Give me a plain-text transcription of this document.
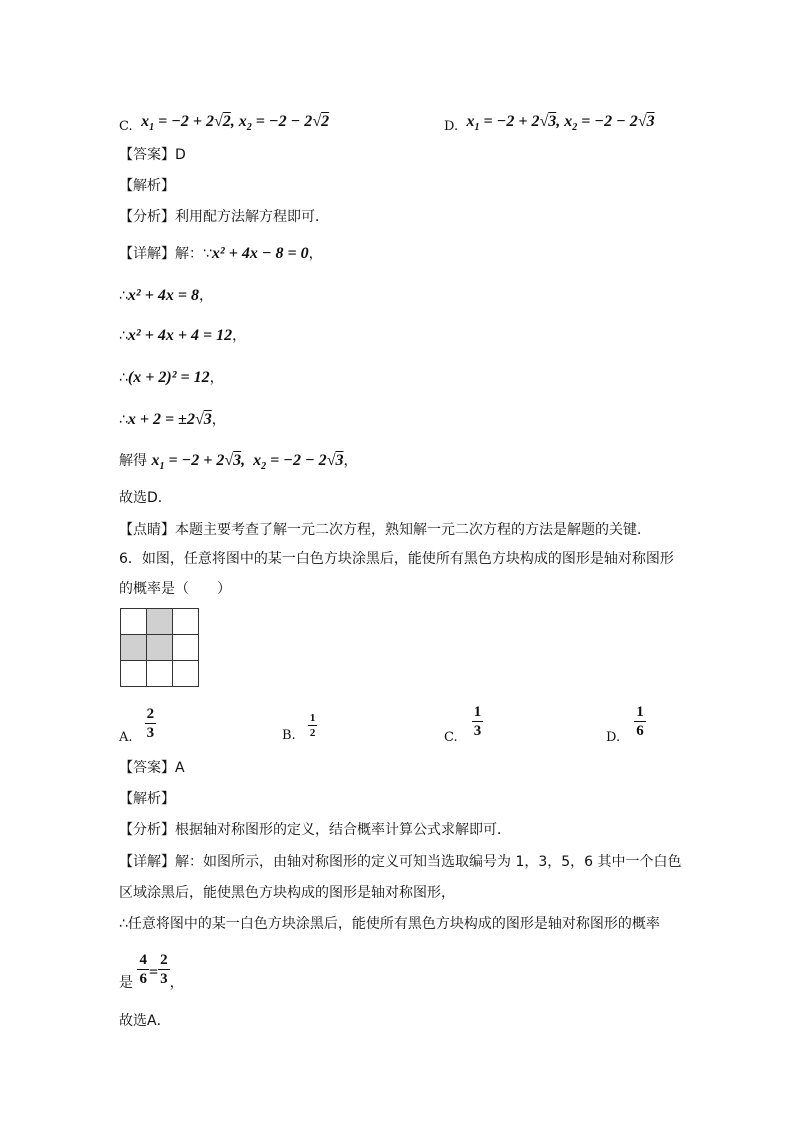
C.  $x_1 = -2 + 2√2$, $x_2 = -2 - 2√2$	D.  $x_1 = -2 + 2√3$, $x_2 = -2 - 2√3$
【答案】D
【解析】
【分析】利用配方法解方程即可．
【详解】解：∵x² + 4x − 8 = 0，
∴x² + 4x = 8，
∴x² + 4x + 4 = 12，
∴(x + 2)² = 12，
∴x + 2 = ±2√3，
解得 $x_1 = -2 + 2√3$,  $x_2 = -2 - 2√3$，
故选D．
【点睛】本题主要考查了解一元二次方程，熟知解一元二次方程的方法是解题的关键．
6．如图，任意将图中的某一白色方块涂黑后，能使所有黑色方块构成的图形是轴对称图形
的概率是（　　）
A. $\frac{2}{3}$	B. $\frac{1}{2}$	C. $\frac{1}{3}$	D. $\frac{1}{6}$
【答案】A
【解析】
【分析】根据轴对称图形的定义，结合概率计算公式求解即可．
【详解】解：如图所示，由轴对称图形的定义可知当选取编号为 1，3，5，6 其中一个白色
区域涂黑后，能使黑色方块构成的图形是轴对称图形，
∴任意将图中的某一白色方块涂黑后，能使所有黑色方块构成的图形是轴对称图形的概率
是 $\frac{4}{6} = \frac{2}{3}$ ，
故选A．
